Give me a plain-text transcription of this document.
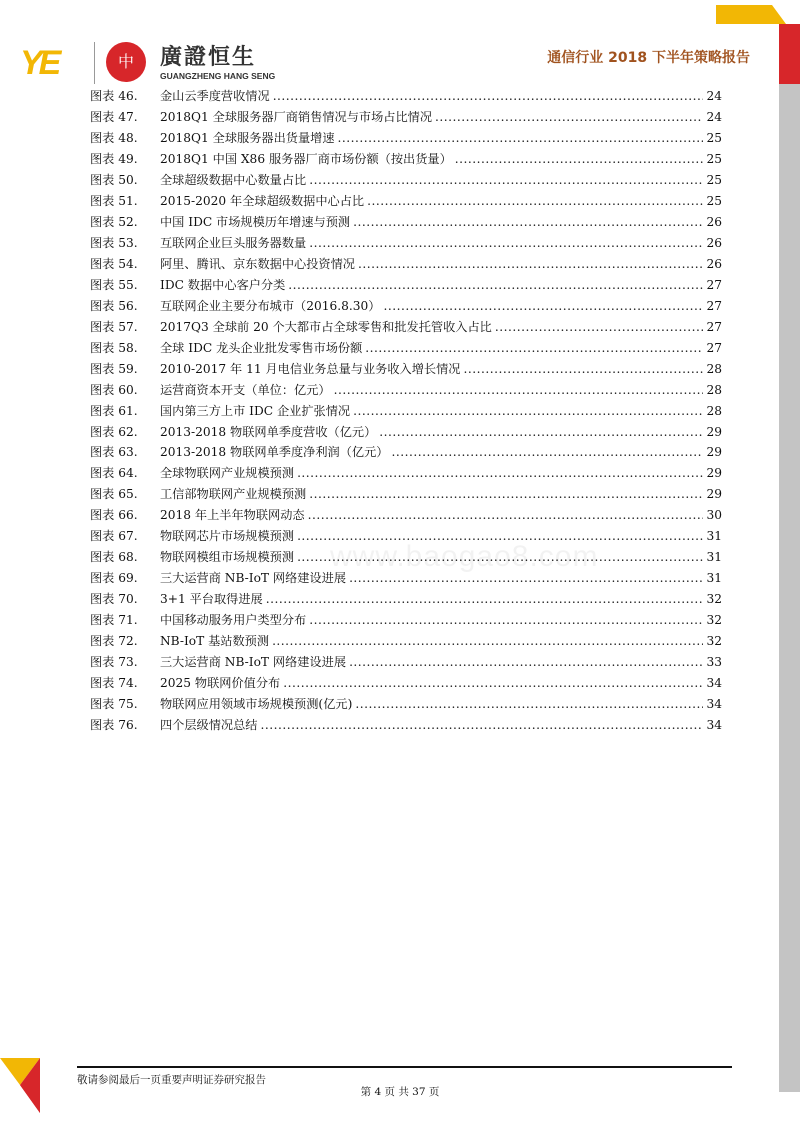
YE	中	廣證恒生
GUANGZHENG HANG SENG
通信行业 2018 下半年策略报告
图表 46.	金山云季度营收情况 .....	24
图表 47.	2018Q1 全球服务器厂商销售情况与市场占比情况 .....	24
图表 48.	2018Q1 全球服务器出货量增速 .....	25
图表 49.	2018Q1 中国 X86 服务器厂商市场份额（按出货量） .....	25
图表 50.	全球超级数据中心数量占比 .....	25
图表 51.	2015-2020 年全球超级数据中心占比 .....	25
图表 52.	中国 IDC 市场规模历年增速与预测 .....	26
图表 53.	互联网企业巨头服务器数量 .....	26
图表 54.	阿里、腾讯、京东数据中心投资情况 .....	26
图表 55.	IDC 数据中心客户分类 .....	27
图表 56.	互联网企业主要分布城市（2016.8.30） .....	27
图表 57.	2017Q3 全球前 20 个大都市占全球零售和批发托管收入占比 .....	27
图表 58.	全球 IDC 龙头企业批发零售市场份额 .....	27
图表 59.	2010-2017 年 11 月电信业务总量与业务收入增长情况 .....	28
图表 60.	运营商资本开支（单位：亿元） .....	28
图表 61.	国内第三方上市 IDC 企业扩张情况 .....	28
图表 62.	2013-2018 物联网单季度营收（亿元） .....	29
图表 63.	2013-2018 物联网单季度净利润（亿元） .....	29
图表 64.	全球物联网产业规模预测 .....	29
图表 65.	工信部物联网产业规模预测 .....	29
图表 66.	2018 年上半年物联网动态 .....	30
图表 67.	物联网芯片市场规模预测 .....	31
图表 68.	物联网模组市场规模预测 .....	31
图表 69.	三大运营商 NB-IoT 网络建设进展 .....	31
图表 70.	3+1 平台取得进展 .....	32
图表 71.	中国移动服务用户类型分布 .....	32
图表 72.	NB-IoT 基站数预测 .....	32
图表 73.	三大运营商 NB-IoT 网络建设进展 .....	33
图表 74.	2025 物联网价值分布 .....	34
图表 75.	物联网应用领域市场规模预测(亿元) .....	34
图表 76.	四个层级情况总结 .....	34
www.baogao8.com
敬请参阅最后一页重要声明证券研究报告
第 4 页 共 37 页
